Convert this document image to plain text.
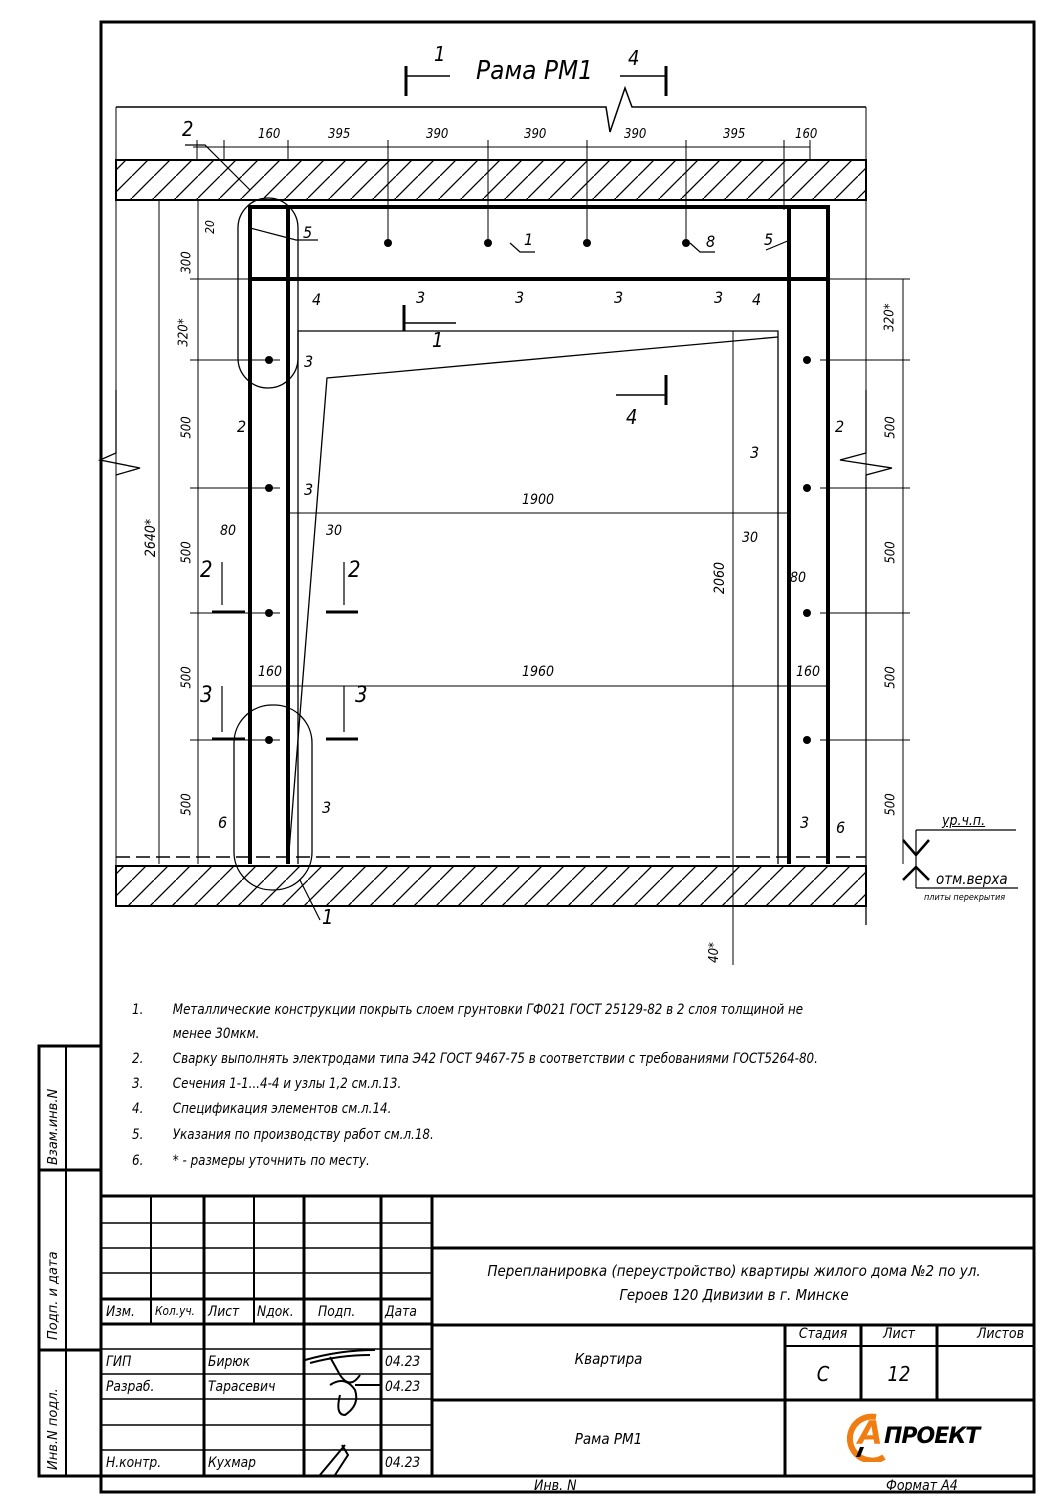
Рама РМ1
1	4
160	395	390	390	390	395	160
2
300
320*
500
500
500
500
20
2640*
320*
500
500
500
500
1900
1960
2060
40*
30	30
80
80
160	160
1
4
2	2
3	3
1
1
2	2
5	5
4	4
3	3	3	3
3
3
3
3
3
6	6
8
ур.ч.п.
отм.верха
плиты перекрытия
1. Металлические конструкции покрыть слоем грунтовки ГФ021 ГОСТ 25129-82 в 2 слоя толщиной не
менее 30мкм.
2. Сварку выполнять электродами типа Э42 ГОСТ 9467-75 в соответствии с требованиями ГОСТ5264-80.
3. Сечения 1-1...4-4 и узлы 1,2 см.л.13.
4. Спецификация элементов см.л.14.
5. Указания по производству работ см.л.18.
6. * - размеры уточнить по месту.
Взам.инв.N
Подп. и дата
Инв.N подл.
Изм. Кол.уч. Лист Nдок. Подп. Дата
ГИП	Бирюк	04.23
Разраб.	Тарасевич	04.23
Н.контр.	Кухмар	04.23
Перепланировка (переустройство) квартиры жилого дома №2 по ул.
Героев 120 Дивизии в г. Минске
Квартира
Рама РМ1
Стадия	Лист	Листов
С	12
А ПРОЕКТ
Инв. N	Формат А4
